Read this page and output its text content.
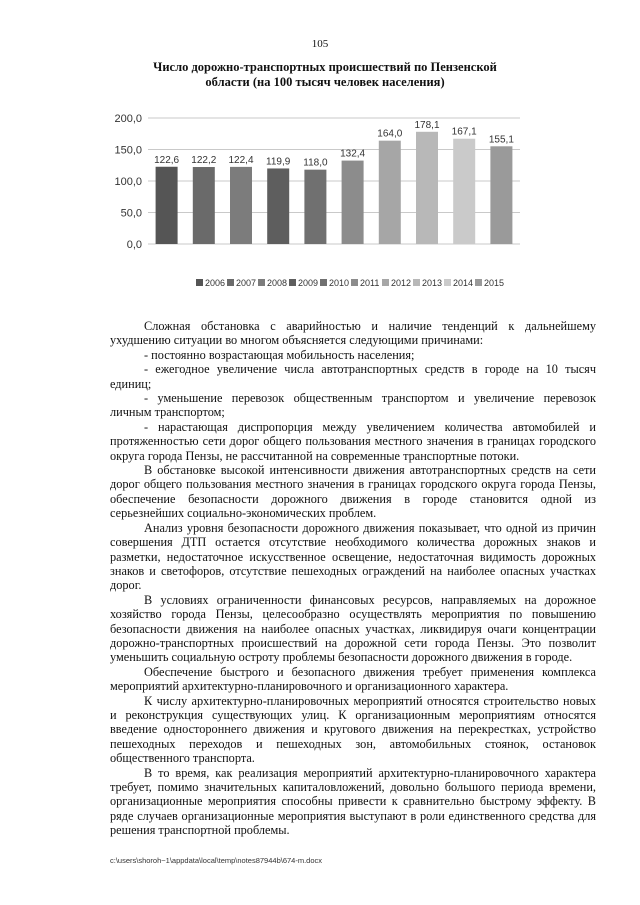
105
Число дорожно-транспортных происшествий по Пензенской
области (на 100 тысяч человек населения)
0,0
50,0
100,0
150,0
200,0
122,6 122,2 122,4 119,9 118,0
132,4
164,0
178,1
167,1
155,1
2006 2007 2008 2009 2010 2011 2012 2013 2014 2015

Сложная обстановка с аварийностью и наличие тенденций к дальнейшему ухудшению ситуации во многом объясняется следующими причинами:

- постоянно возрастающая мобильность населения;

- ежегодное увеличение числа автотранспортных средств в городе на 10 тысяч единиц;

- уменьшение перевозок общественным транспортом и увеличение перевозок личным транспортом;

- нарастающая диспропорция между увеличением количества автомобилей и протяженностью сети дорог общего пользования местного значения в границах городского округа города Пензы, не рассчитанной на современные транспортные потоки.

В обстановке высокой интенсивности движения автотранспортных средств на сети дорог общего пользования местного значения в границах городского округа города Пензы, обеспечение безопасности дорожного движения в городе становится одной из серьезнейших социально-экономических проблем.

Анализ уровня безопасности дорожного движения показывает, что одной из причин совершения ДТП остается отсутствие необходимого количества дорожных знаков и разметки, недостаточное искусственное освещение, недостаточная видимость дорожных знаков и светофоров, отсутствие пешеходных ограждений на наиболее опасных участках дорог.

В условиях ограниченности финансовых ресурсов, направляемых на дорожное хозяйство города Пензы, целесообразно осуществлять мероприятия по повышению безопасности движения на наиболее опасных участках, ликвидируя очаги концентрации дорожно-транспортных происшествий на дорожной сети города Пензы. Это позволит уменьшить социальную остроту проблемы безопасности дорожного движения в городе.

Обеспечение быстрого и безопасного движения требует применения комплекса мероприятий архитектурно-планировочного и организационного характера.

К числу архитектурно-планировочных мероприятий относятся строительство новых и реконструкция существующих улиц. К организационным мероприятиям относятся введение одностороннего движения и кругового движения на перекрестках, устройство пешеходных переходов и пешеходных зон, автомобильных стоянок, остановок общественного транспорта.

В то время, как реализация мероприятий архитектурно-планировочного характера требует, помимо значительных капиталовложений, довольно большого периода времени, организационные мероприятия способны привести к сравнительно быстрому эффекту. В ряде случаев организационные мероприятия выступают в роли единственного средства для решения транспортной проблемы.

c:\users\shoroh~1\appdata\local\temp\notes87944b\674-m.docx
